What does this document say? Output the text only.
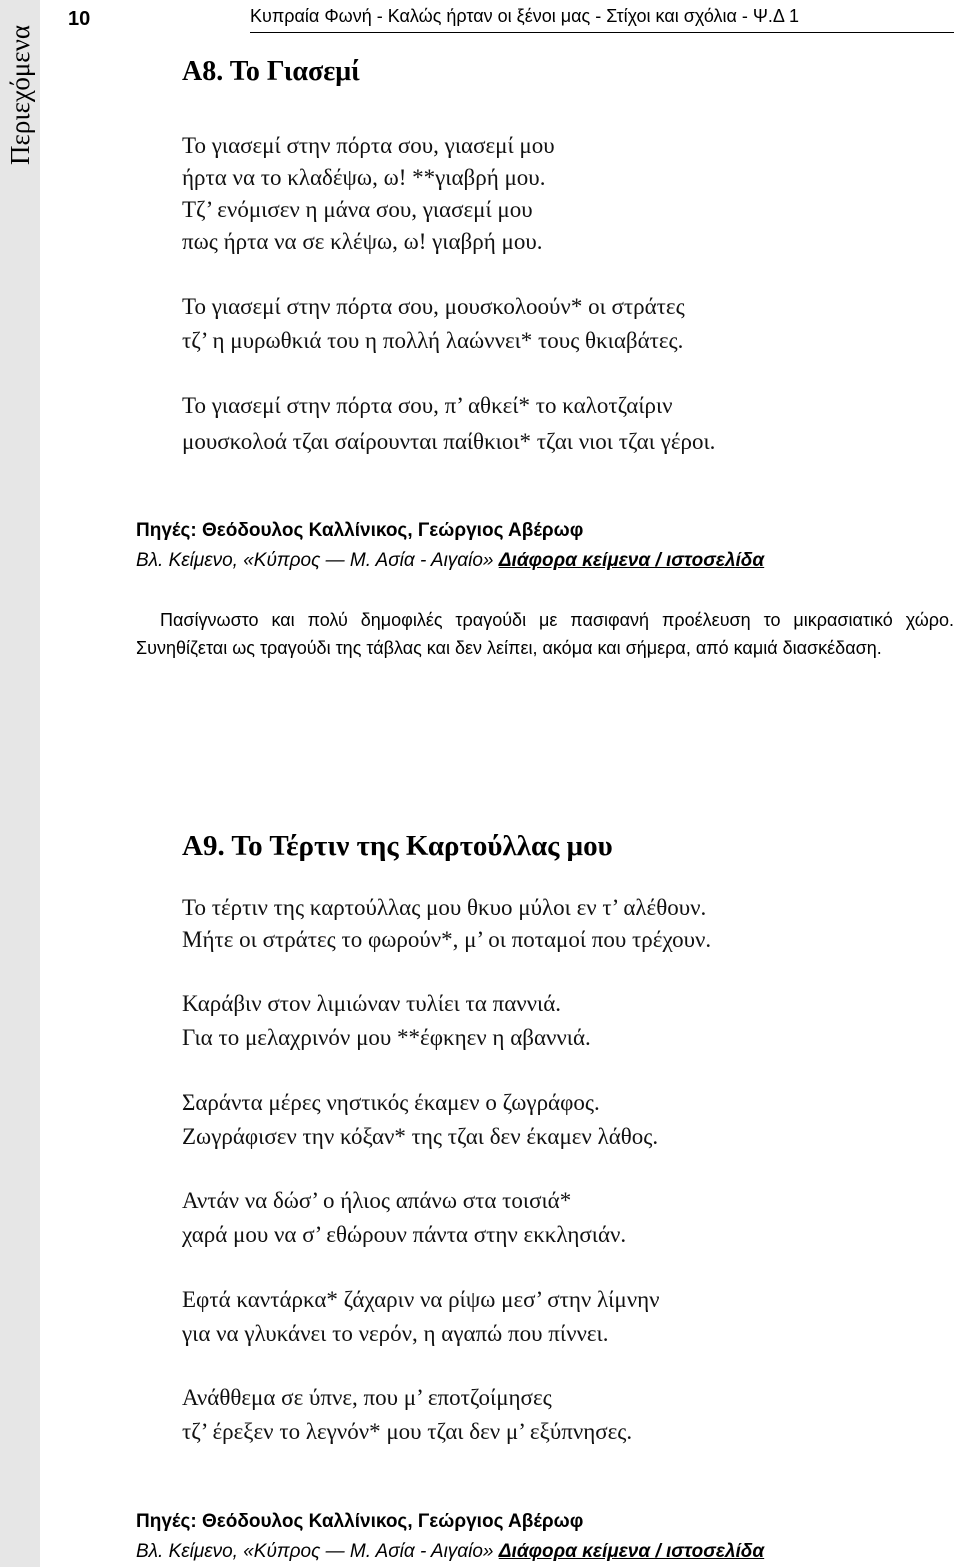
Περιεχόμενα
10	Κυπραία Φωνή - Καλώς ήρταν οι ξένοι μας - Στίχοι και σχόλια - Ψ.Δ 1
Α8. Το Γιασεμί
Το γιασεμί στην πόρτα σου, γιασεμί μου
ήρτα να το κλαδέψω, ω! **γιαβρή μου.
Τζ’ ενόμισεν η μάνα σου, γιασεμί μου
πως ήρτα να σε κλέψω, ω! γιαβρή μου.
Το γιασεμί στην πόρτα σου, μουσκολοούν* οι στράτες
τζ’ η μυρωθκιά του η πολλή λαώννει* τους θκιαβάτες.
Το γιασεμί στην πόρτα σου, π’ αθκεί* το καλοτζαίριν
μουσκολοά τζαι σαίρουνται παίθκιοι* τζαι νιοι τζαι γέροι.
Πηγές: Θεόδουλος Καλλίνικος, Γεώργιος Αβέρωφ
Βλ. Κείμενο, «Κύπρος — Μ. Ασία - Αιγαίο» Διάφορα κείμενα / ιστοσελίδα
Πασίγνωστο και πολύ δημοφιλές τραγούδι με πασιφανή προέλευση το μικρασιατικό χώρο. Συνηθίζεται ως τραγούδι της τάβλας και δεν λείπει, ακόμα και σήμερα, από καμιά διασκέδαση.
Α9. Το Τέρτιν της Καρτούλλας μου
Το τέρτιν της καρτούλλας μου θκυο μύλοι εν τ’ αλέθουν.
Μήτε οι στράτες το φωρούν*, μ’ οι ποταμοί που τρέχουν.
Καράβιν στον λιμιώναν τυλίει τα παννιά.
Για το μελαχρινόν μου **έφκηεν η αβαννιά.
Σαράντα μέρες νηστικός έκαμεν ο ζωγράφος.
Ζωγράφισεν την κόξαν* της τζαι δεν έκαμεν λάθος.
Αντάν να δώσ’ ο ήλιος απάνω στα τοισιά*
χαρά μου να σ’ εθώρουν πάντα στην εκκλησιάν.
Εφτά καντάρκα* ζάχαριν να ρίψω μεσ’ στην λίμνην
για να γλυκάνει το νερόν, η αγαπώ που πίννει.
Ανάθθεμα σε ύπνε, που μ’ εποτζοίμησες
τζ’ έρεξεν το λεγνόν* μου τζαι δεν μ’ εξύπνησες.
Πηγές: Θεόδουλος Καλλίνικος, Γεώργιος Αβέρωφ
Βλ. Κείμενο, «Κύπρος — Μ. Ασία - Αιγαίο» Διάφορα κείμενα / ιστοσελίδα
